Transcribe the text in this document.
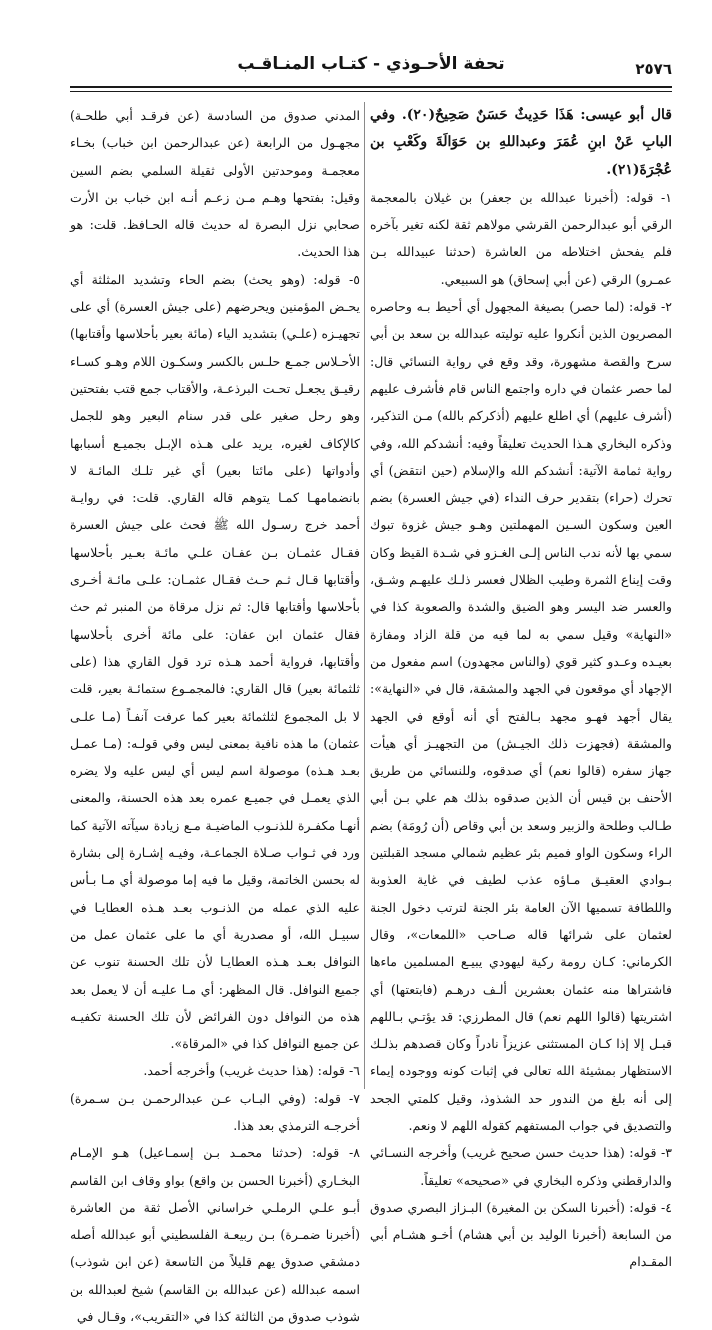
٢٥٧٦
تحفة الأحـوذي - كتـاب المنـاقـب

قال أبو عيسى: هَذَا حَدِيثٌ حَسَنٌ صَحِيحٌ(٢٠). وفي البابِ عَنْ ابنِ عُمَرَ وعبداللهِ بن حَوَالَةَ وكَعْبِ بن عُجْرَةَ(٢١).

١- قوله: (أخبرنا عبدالله بن جعفر) بن غيلان بالمعجمة الرقي أبو عبدالرحمن القرشي مولاهم ثقة لكنه تغير بآخره فلم يفحش اختلاطه من العاشرة (حدثنا عبيدالله بـن عمـرو) الرقي (عن أبي إسحاق) هو السبيعي.

٢- قوله: (لما حصر) بصيغة المجهول أي أحيط بـه وحاصره المصريون الذين أنكروا عليه توليته عبدالله بن سعد بن أبي سرح والقصة مشهورة، وقد وقع في رواية النسائي قال: لما حصر عثمان في داره واجتمع الناس قام فأشرف عليهم (أشرف عليهم) أي اطلع عليهم (أذكركم بالله) مـن التذكير، وذكره البخاري هـذا الحديث تعليقاً وفيه: أنشدكم الله، وفي رواية ثمامة الآتية: أنشدكم الله والإسلام (حين انتقض) أي تحرك (حراء) بتقدير حرف النداء (في جيش العسرة) بضم العين وسكون السـين المهملتين وهـو جيش غزوة تبوك سمي بها لأنه ندب الناس إلـى الغـزو في شـدة القيظ وكان وقت إيناع الثمرة وطيب الظلال فعسر ذلـك عليهـم وشـق، والعسر ضد اليسر وهو الضيق والشدة والصعوبة كذا في «النهاية» وقيل سمي به لما فيه من قلة الزاد ومفازة بعيـده وعـدو كثير قوي (والناس مجهدون) اسم مفعول من الإجهاد أي موقعون في الجهد والمشقة، قال في «النهاية»: يقال أجهد فهـو مجهد بـالفتح أي أنه أوقع في الجهد والمشقة (فجهزت ذلك الجيـش) من التجهيـز أي هيأت جهاز سفره (قالوا نعم) أي صدقوه، وللنسائي من طريق الأحنف بن قيس أن الذين صدقوه بذلك هم علي بـن أبي طـالب وطلحة والزبير وسعد بن أبي وقاص (أن رُومَة) بضم الراء وسكون الواو فميم بئر عظيم شمالي مسجد القبلتين بـوادي العقيـق مـاؤه عذب لطيف في غاية العذوبة واللطافة تسميها الآن العامة بئر الجنة لترتب دخول الجنة لعثمان على شرائها قاله صـاحب «اللمعات»، وقال الكرماني: كـان رومة ركية ليهودي يبيـع المسلمين ماءها فاشتراها منه عثمان بعشرين ألـف درهـم (فابتعتها) أي اشتريتها (قالوا اللهم نعم) قال المطرزي: قد يؤتـي بـاللهم قبـل إلا إذا كـان المستثنى عزيزاً نادراً وكان قصدهم بذلـك الاستظهار بمشيئة الله تعالى في إثبات كونه ووجوده إيماء إلى أنه بلغ من الندور حد الشذوذ، وقيل كلمتي الجحد والتصديق في جواب المستفهم كقوله اللهم لا ونعم.

٣- قوله: (هذا حديث حسن صحيح غريب) وأخرجه النسـائي والدارقطني وذكره البخاري في «صحيحه» تعليقاً.

٤- قوله: (أخبرنا السكن بن المغيرة) البـزاز البصري صدوق من السابعة (أخبرنا الوليد بن أبي هشام) أخـو هشـام أبي المقـدام

المدني صدوق من السادسة (عن فرقـد أبي طلحـة) مجهـول من الرابعة (عن عبدالرحمن ابن خباب) بخـاء معجمـة وموحدتين الأولى ثقيلة السلمي بضم السين وقيل: بفتحها وهـم مـن زعـم أنـه ابن خباب بن الأرت صحابي نزل البصرة له حديث قاله الحـافظ. قلت: هو هذا الحديث.

٥- قوله: (وهو يحث) بضم الحاء وتشديد المثلثة أي يحـض المؤمنين ويحرضهم (على جيش العسرة) أي على تجهيـزه (علـي) بتشديد الياء (مائة بعير بأحلاسها وأقتابها) الأحـلاس جمـع حلـس بالكسر وسكـون اللام وهـو كسـاء رقيـق يجعـل تحـت البرذعـة، والأقتاب جمع قتب بفتحتين وهو رحل صغير على قدر سنام البعير وهو للجمل كالإكاف لغيره، يريد على هـذه الإبـل بجميـع أسبابها وأدواتها (على مائتا بعير) أي غير تلـك المائـة لا بانضمامهـا كمـا يتوهم قاله القاري. قلت: في روايـة أحمد خرج رسـول الله ﷺ فحث على جيش العسرة فقـال عثمـان بـن عفـان علـي مائـة بعـير بأحلاسها وأقتابها قـال ثـم حـث فقـال عثمـان: علـى مائـة أخـرى بأحلاسها وأقتابها قال: ثم نزل مرقاة من المنبر ثم حث فقال عثمان ابن عفان: على مائة أخرى بأحلاسها وأقتابها، فرواية أحمد هـذه ترد قول القاري هذا (على ثلثمائة بعير) قال القاري: فالمجمـوع ستمائـة بعير، قلت لا بل المجموع لثلثمائة بعير كما عرفت آنفـاً (مـا علـى عثمان) ما هذه نافية بمعنى ليس وفي قولـه: (مـا عمـل بعـد هـذه) موصولة اسم ليس أي ليس عليه ولا يضره الذي يعمـل في جميـع عمره بعد هذه الحسنة، والمعنى أنهـا مكفـرة للذنـوب الماضيـة مـع زيادة سيآته الآتية كما ورد في ثـواب صـلاة الجماعـة، وفيـه إشـارة إلى بشارة له بحسن الخاتمة، وقيل ما فيه إما موصولة أي مـا بـأس عليه الذي عمله من الذنـوب بعـد هـذه العطايـا في سبيـل الله، أو مصدرية أي ما على عثمان عمل من النوافل بعـد هـذه العطايـا لأن تلك الحسنة تنوب عن جميع النوافل. قال المظهر: أي مـا عليـه أن لا يعمل بعد هذه من النوافل دون الفرائض لأن تلك الحسنة تكفيـه عن جميع النوافل كذا في «المرقاة».

٦- قوله: (هذا حديث غريب) وأخرجه أحمد.

٧- قوله: (وفي البـاب عـن عبدالرحمـن بـن سـمرة) أخرجـه الترمذي بعد هذا.

٨- قوله: (حدثنا محمـد بـن إسمـاعيل) هـو الإمـام البخـاري (أخبرنا الحسن بن واقع) بواو وقاف ابن القاسم أبـو علـي الرملـي خراساني الأصل ثقة من العاشرة (أخبرنا ضمـرة) بـن ربيعـة الفلسطيني أبو عبدالله أصله دمشقي صدوق يهم قليلاً من التاسعة (عن ابن شوذب) اسمه عبدالله (عن عبدالله بن القاسم) شيخ لعبدالله بن شوذب صدوق من الثالثة كذا في «التقريب»، وقـال في
